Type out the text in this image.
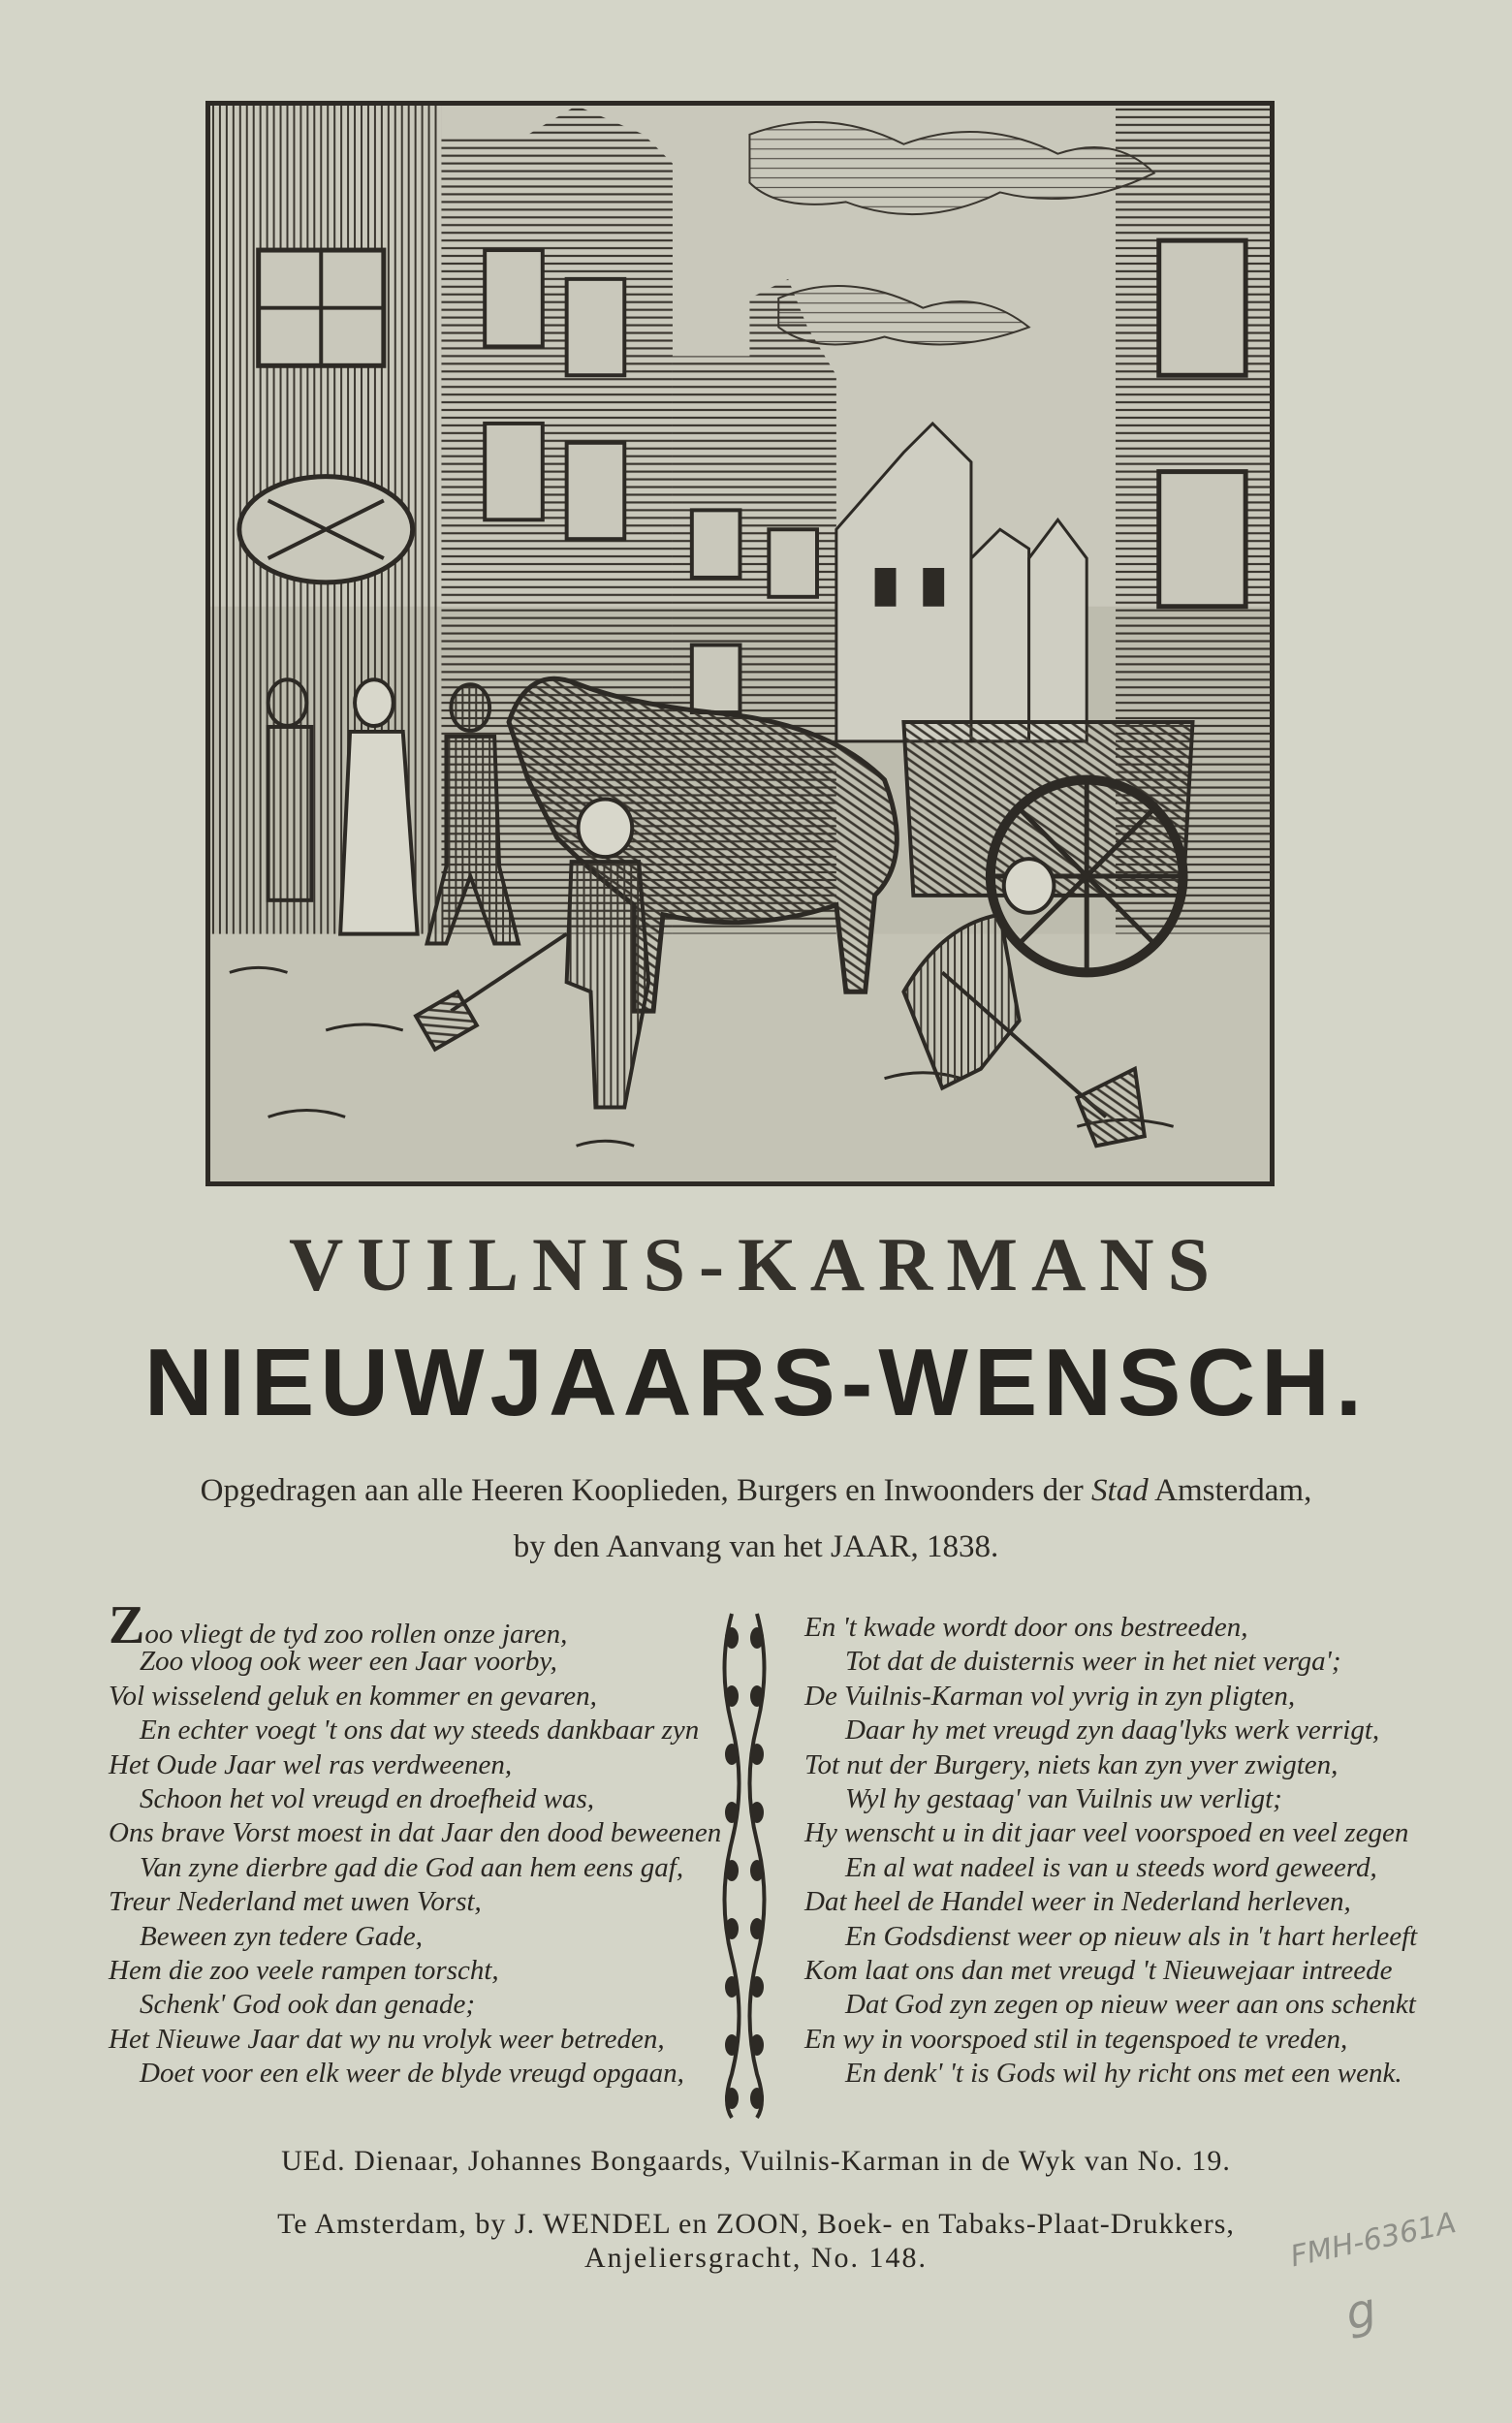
VUILNIS-KARMANS
NIEUWJAARS-WENSCH.
Opgedragen aan alle Heeren Kooplieden, Burgers en Inwoonders der Stad Amsterdam,
by den Aanvang van het JAAR, 1838.
Zoo vliegt de tyd zoo rollen onze jaren,
Zoo vloog ook weer een Jaar voorby,
Vol wisselend geluk en kommer en gevaren,
En echter voegt 't ons dat wy steeds dankbaar zyn
Het Oude Jaar wel ras verdweenen,
Schoon het vol vreugd en droefheid was,
Ons brave Vorst moest in dat Jaar den dood beweenen
Van zyne dierbre gad die God aan hem eens gaf,
Treur Nederland met uwen Vorst,
Beween zyn tedere Gade,
Hem die zoo veele rampen torscht,
Schenk' God ook dan genade;
Het Nieuwe Jaar dat wy nu vrolyk weer betreden,
Doet voor een elk weer de blyde vreugd opgaan,
En 't kwade wordt door ons bestreeden,
Tot dat de duisternis weer in het niet verga';
De Vuilnis-Karman vol yvrig in zyn pligten,
Daar hy met vreugd zyn daag'lyks werk verrigt,
Tot nut der Burgery, niets kan zyn yver zwigten,
Wyl hy gestaag' van Vuilnis uw verligt;
Hy wenscht u in dit jaar veel voorspoed en veel zegen
En al wat nadeel is van u steeds word geweerd,
Dat heel de Handel weer in Nederland herleven,
En Godsdienst weer op nieuw als in 't hart herleeft
Kom laat ons dan met vreugd 't Nieuwejaar intreede
Dat God zyn zegen op nieuw weer aan ons schenkt
En wy in voorspoed stil in tegenspoed te vreden,
En denk' 't is Gods wil hy richt ons met een wenk.
UEd. Dienaar, Johannes Bongaards, Vuilnis-Karman in de Wyk van No. 19.
Te Amsterdam, by J. WENDEL en ZOON, Boek- en Tabaks-Plaat-Drukkers,
Anjeliersgracht, No. 148.	FMH-6361A
g
